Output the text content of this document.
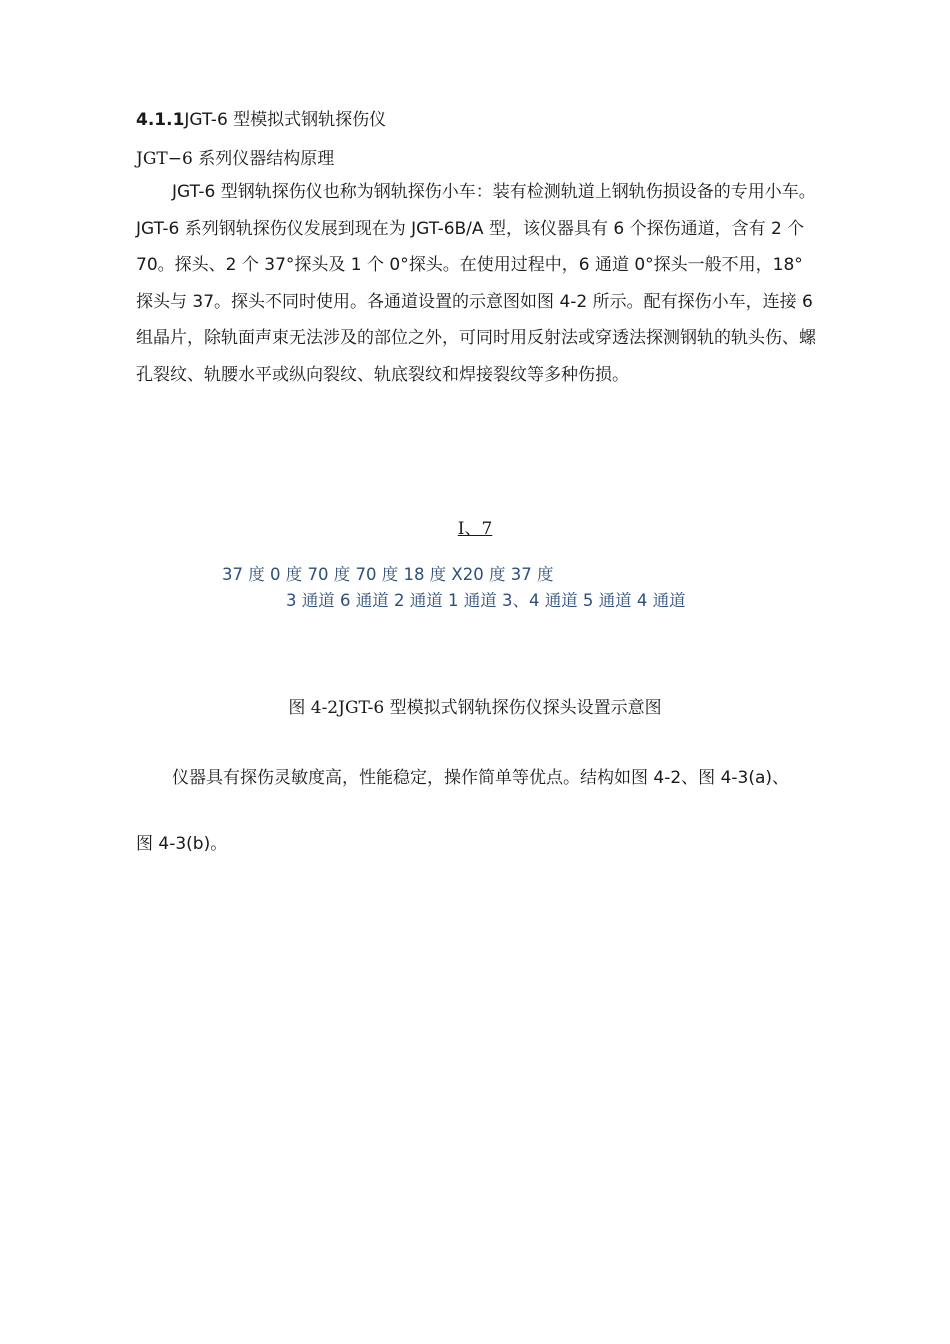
4.1.1JGT-6 型模拟式钢轨探伤仪
JGT−6 系列仪器结构原理
JGT-6 型钢轨探伤仪也称为钢轨探伤小车：装有检测轨道上钢轨伤损设备的专用小车。JGT-6 系列钢轨探伤仪发展到现在为 JGT-6B/A 型，该仪器具有 6 个探伤通道，含有 2 个 70。探头、2 个 37°探头及 1 个 0°探头。在使用过程中，6 通道 0°探头一般不用，18°探头与 37。探头不同时使用。各通道设置的示意图如图 4-2 所示。配有探伤小车，连接 6 组晶片，除轨面声束无法涉及的部位之外，可同时用反射法或穿透法探测钢轨的轨头伤、螺孔裂纹、轨腰水平或纵向裂纹、轨底裂纹和焊接裂纹等多种伤损。
I、7
37 度 0 度 70 度 70 度 18 度 X20 度 37 度
3 通道 6 通道 2 通道 1 通道 3、4 通道 5 通道 4 通道
图 4-2JGT-6 型模拟式钢轨探伤仪探头设置示意图
仪器具有探伤灵敏度高，性能稳定，操作简单等优点。结构如图 4-2、图 4-3(a)、
图 4-3(b)。
